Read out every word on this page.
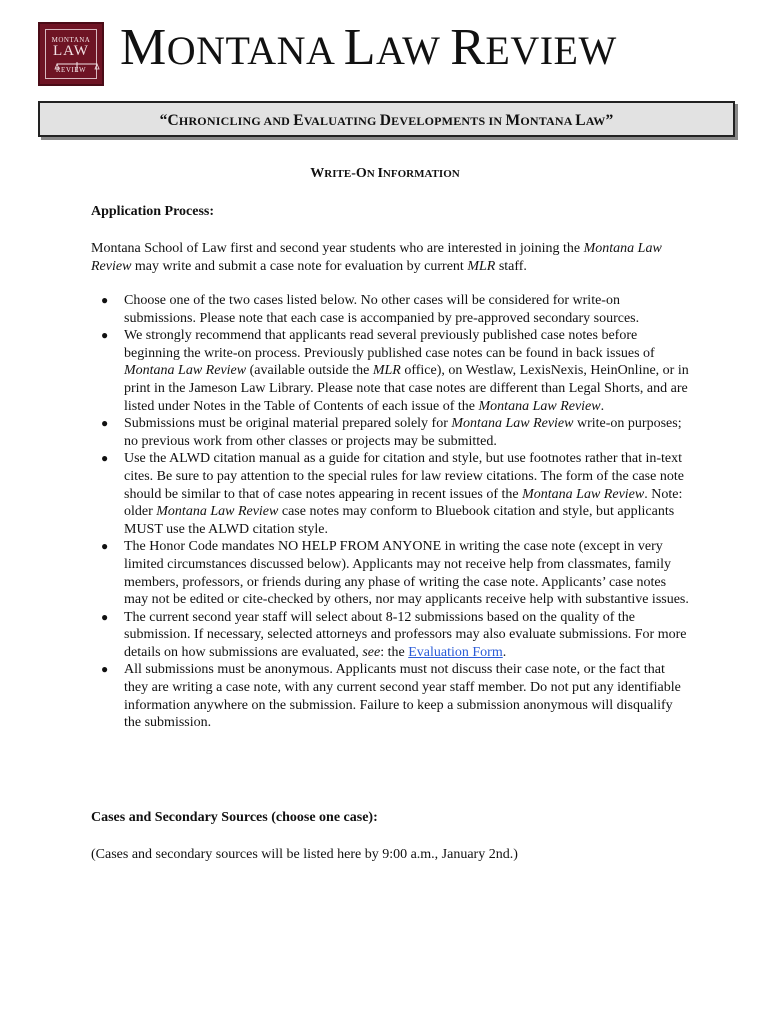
MONTANA
LAW
REVIEW MONTANA LAW REVIEW
“CHRONICLING AND EVALUATING DEVELOPMENTS IN MONTANA LAW”
WRITE-ON INFORMATION
Application Process:
Montana School of Law first and second year students who are interested in joining the Montana Law Review may write and submit a case note for evaluation by current MLR staff.
● Choose one of the two cases listed below. No other cases will be considered for write-on submissions. Please note that each case is accompanied by pre-approved secondary sources.
● We strongly recommend that applicants read several previously published case notes before beginning the write-on process. Previously published case notes can be found in back issues of Montana Law Review (available outside the MLR office), on Westlaw, LexisNexis, HeinOnline, or in print in the Jameson Law Library. Please note that case notes are different than Legal Shorts, and are listed under Notes in the Table of Contents of each issue of the Montana Law Review.
● Submissions must be original material prepared solely for Montana Law Review write-on purposes; no previous work from other classes or projects may be submitted.
● Use the ALWD citation manual as a guide for citation and style, but use footnotes rather that in-text cites. Be sure to pay attention to the special rules for law review citations. The form of the case note should be similar to that of case notes appearing in recent issues of the Montana Law Review. Note: older Montana Law Review case notes may conform to Bluebook citation and style, but applicants MUST use the ALWD citation style.
● The Honor Code mandates NO HELP FROM ANYONE in writing the case note (except in very limited circumstances discussed below). Applicants may not receive help from classmates, family members, professors, or friends during any phase of writing the case note. Applicants’ case notes may not be edited or cite-checked by others, nor may applicants receive help with substantive issues.
● The current second year staff will select about 8-12 submissions based on the quality of the submission. If necessary, selected attorneys and professors may also evaluate submissions. For more details on how submissions are evaluated, see: the Evaluation Form.
● All submissions must be anonymous. Applicants must not discuss their case note, or the fact that they are writing a case note, with any current second year staff member. Do not put any identifiable information anywhere on the submission. Failure to keep a submission anonymous will disqualify the submission.
Cases and Secondary Sources (choose one case):
(Cases and secondary sources will be listed here by 9:00 a.m., January 2nd.)
